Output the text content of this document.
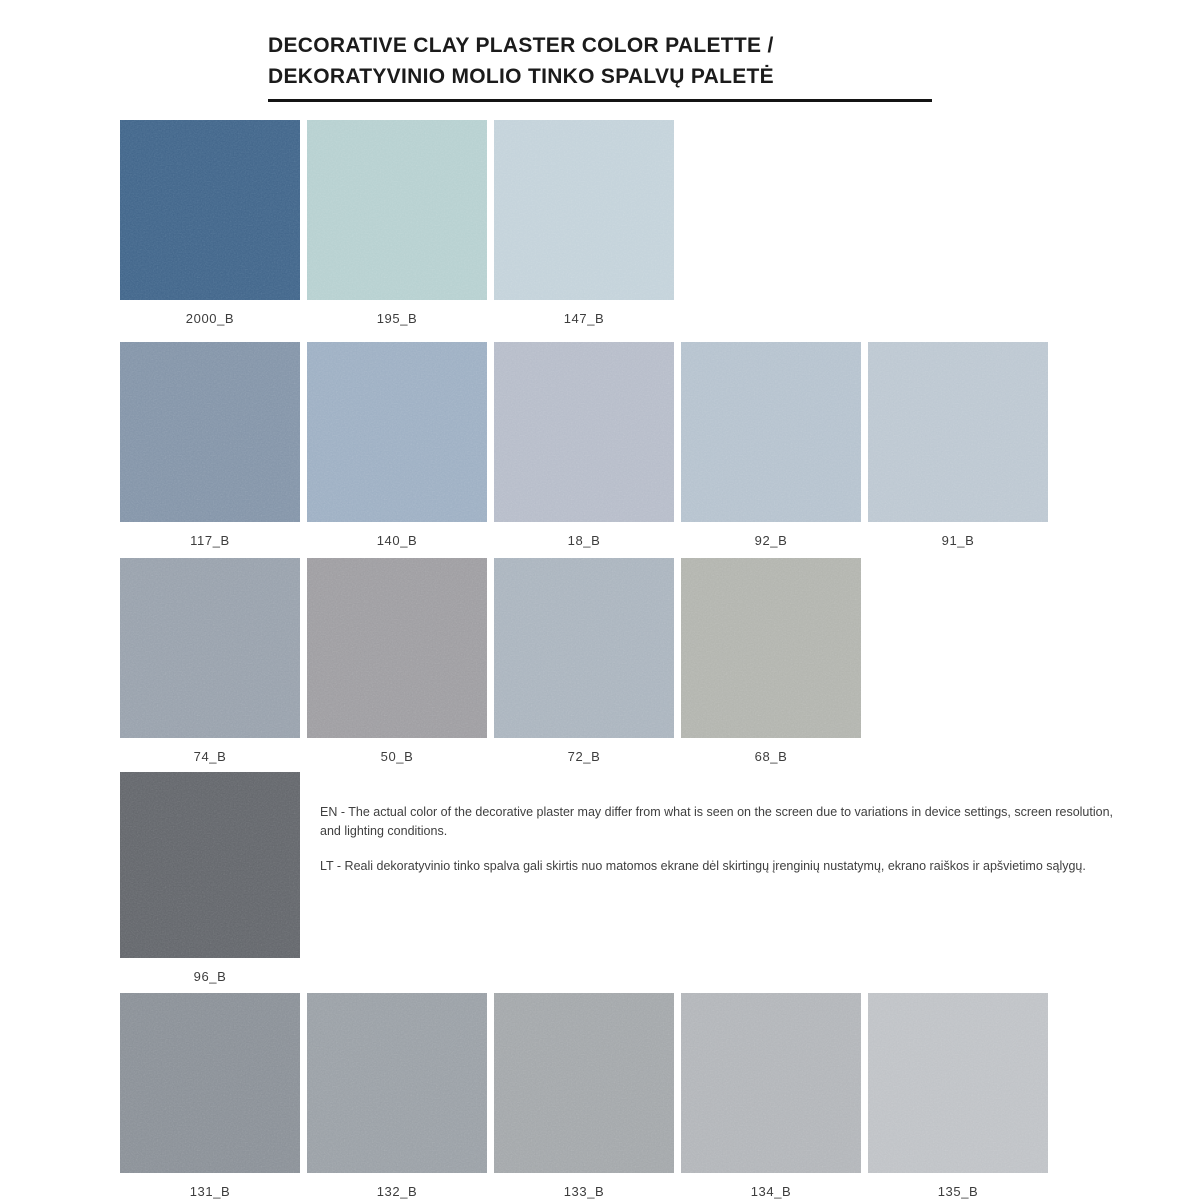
DECORATIVE CLAY PLASTER COLOR PALETTE /
DEKORATYVINIO MOLIO TINKO SPALVŲ PALETĖ
2000_B	195_B	147_B
117_B	140_B	18_B	92_B	91_B
74_B	50_B	72_B	68_B
96_B
131_B	132_B	133_B	134_B	135_B

EN - The actual color of the decorative plaster may differ from what is seen on the screen due to variations in device settings, screen resolution, and lighting conditions.

LT - Reali dekoratyvinio tinko spalva gali skirtis nuo matomos ekrane dėl skirtingų įrenginių nustatymų, ekrano raiškos ir apšvietimo sąlygų.
